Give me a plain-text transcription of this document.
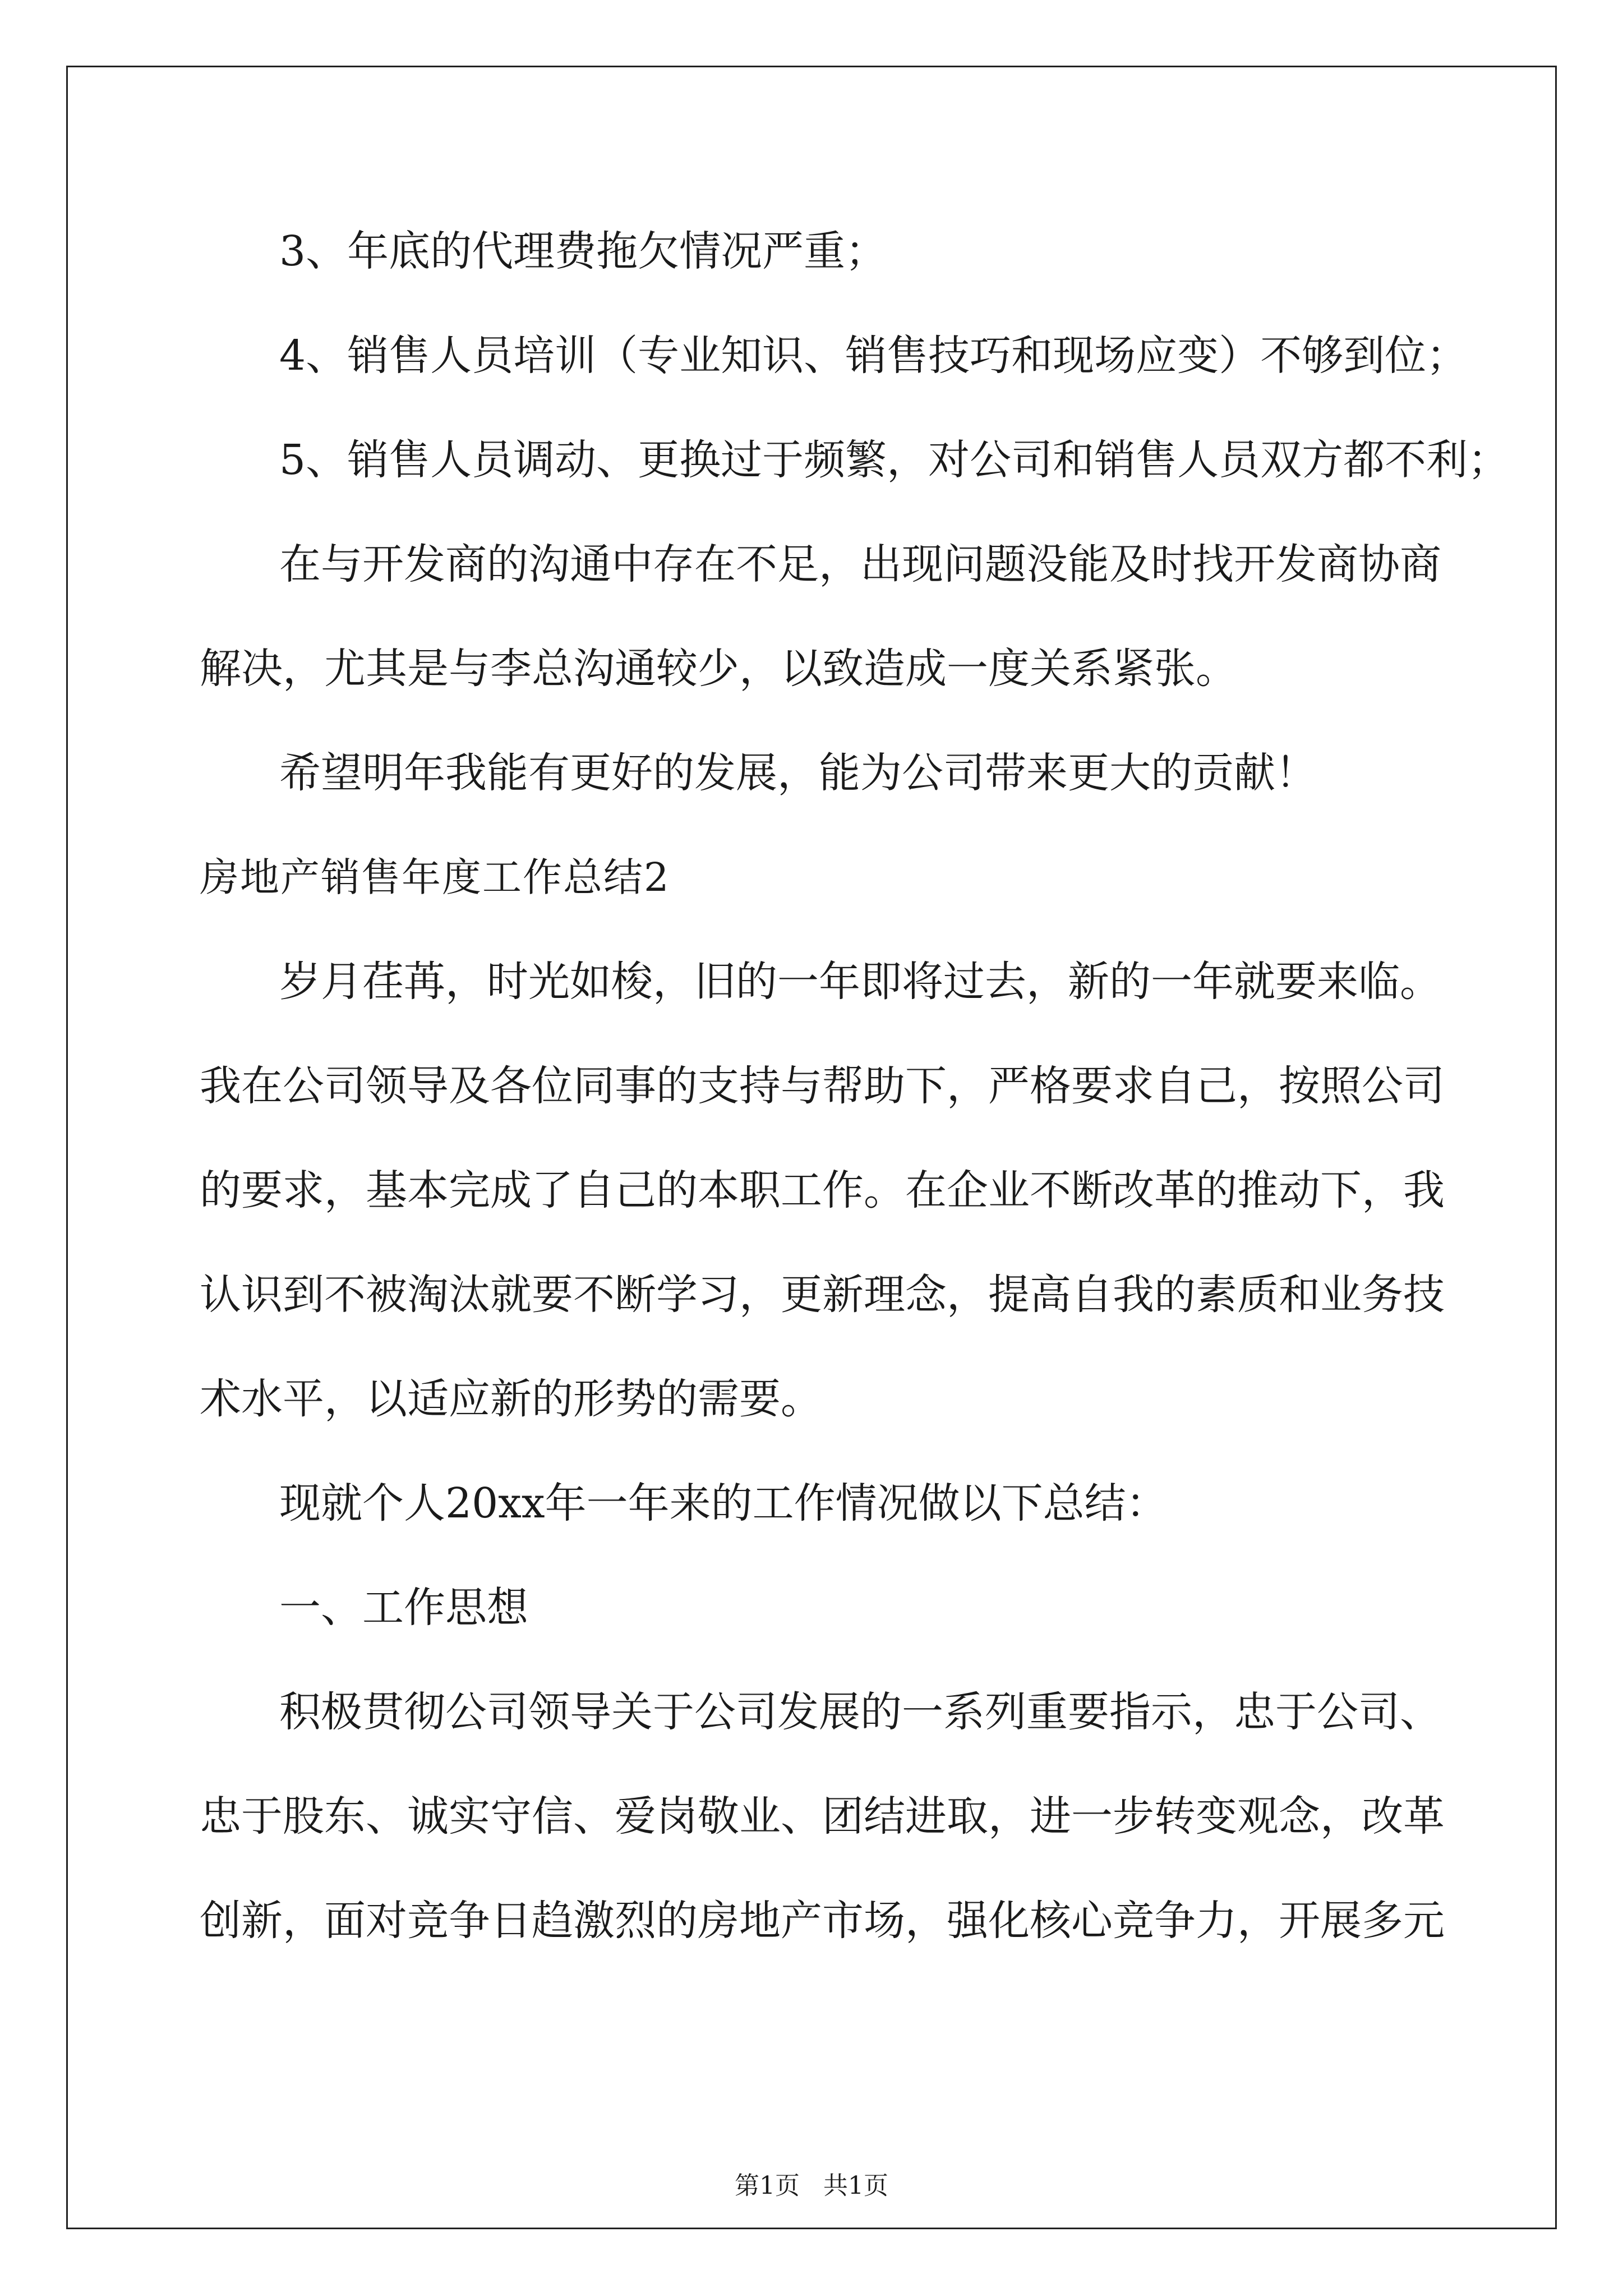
3、年底的代理费拖欠情况严重；
4、销售人员培训（专业知识、销售技巧和现场应变）不够到位；
5、销售人员调动、更换过于频繁，对公司和销售人员双方都不利；
在与开发商的沟通中存在不足，出现问题没能及时找开发商协商
解决，尤其是与李总沟通较少，以致造成一度关系紧张。
希望明年我能有更好的发展，能为公司带来更大的贡献！
房地产销售年度工作总结2
岁月荏苒，时光如梭，旧的一年即将过去，新的一年就要来临。
我在公司领导及各位同事的支持与帮助下，严格要求自己，按照公司
的要求，基本完成了自己的本职工作。在企业不断改革的推动下，我
认识到不被淘汰就要不断学习，更新理念，提高自我的素质和业务技
术水平，以适应新的形势的需要。
现就个人20xx年一年来的工作情况做以下总结：
一、工作思想
积极贯彻公司领导关于公司发展的一系列重要指示，忠于公司、
忠于股东、诚实守信、爱岗敬业、团结进取，进一步转变观念，改革
创新，面对竞争日趋激烈的房地产市场，强化核心竞争力，开展多元
第1页   共1页
